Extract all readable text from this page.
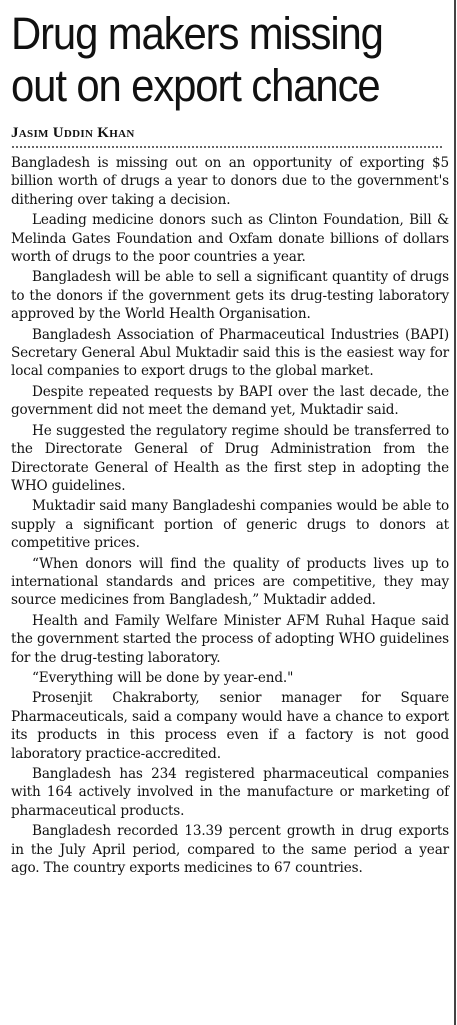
Drug makers missing out on export chance
Jasim Uddin Khan

Bangladesh is missing out on an opportunity of exporting $5 billion worth of drugs a year to donors due to the government's dithering over taking a decision.

Leading medicine donors such as Clinton Foundation, Bill & Melinda Gates Foundation and Oxfam donate billions of dollars worth of drugs to the poor countries a year.

Bangladesh will be able to sell a significant quantity of drugs to the donors if the government gets its drug-testing laboratory approved by the World Health Organisation.

Bangladesh Association of Pharmaceutical Industries (BAPI) Secretary General Abul Muktadir said this is the easiest way for local companies to export drugs to the global market.

Despite repeated requests by BAPI over the last decade, the government did not meet the demand yet, Muktadir said.

He suggested the regulatory regime should be transferred to the Directorate General of Drug Administration from the Directorate General of Health as the first step in adopting the WHO guidelines.

Muktadir said many Bangladeshi companies would be able to supply a significant portion of generic drugs to donors at competitive prices.

“When donors will find the quality of products lives up to international standards and prices are competitive, they may source medicines from Bangladesh,” Muktadir added.

Health and Family Welfare Minister AFM Ruhal Haque said the government started the process of adopting WHO guidelines for the drug-testing laboratory.

“Everything will be done by year-end."

Prosenjit Chakraborty, senior manager for Square Pharmaceuticals, said a company would have a chance to export its products in this process even if a factory is not good laboratory practice-accredited.

Bangladesh has 234 registered pharmaceutical companies with 164 actively involved in the manufacture or marketing of pharmaceutical products.

Bangladesh recorded 13.39 percent growth in drug exports in the July April period, compared to the same period a year ago. The country exports medicines to 67 countries.
